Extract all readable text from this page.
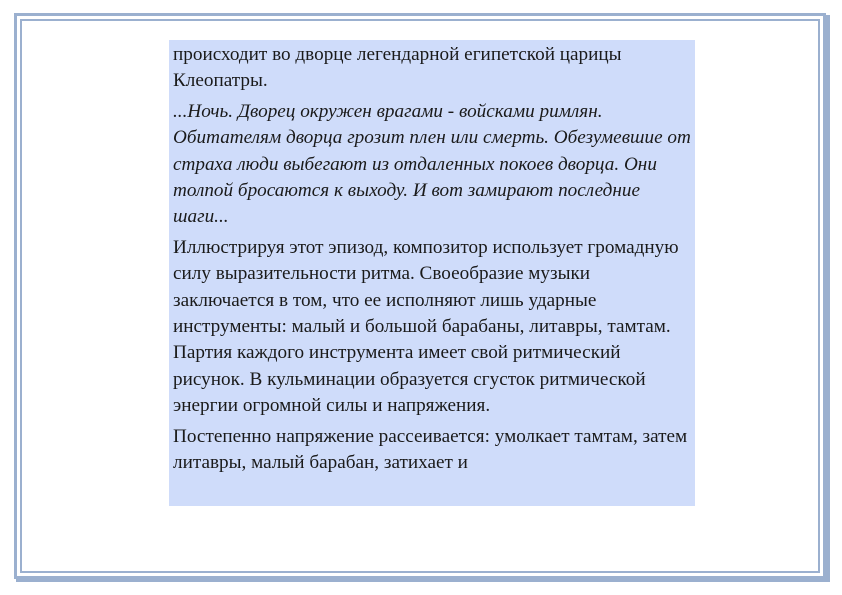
происходит во дворце легендарной египетской царицы Клеопатры.

...Ночь. Дворец окружен врагами - войсками римлян. Обитателям дворца грозит плен или смерть. Обезумевшие от страха люди выбегают из отдаленных покоев дворца. Они толпой бросаются к выходу. И вот замирают последние шаги...

Иллюстрируя этот эпизод, композитор использует громадную силу выразительности ритма. Своеобразие музыки заключается в том, что ее исполняют лишь ударные инструменты: малый и большой барабаны, литавры, тамтам. Партия каждого инструмента имеет свой ритмический рисунок. В кульминации образуется сгусток ритмической энергии огромной силы и напряжения.

Постепенно напряжение рассеивается: умолкает тамтам, затем литавры, малый барабан, затихает и
